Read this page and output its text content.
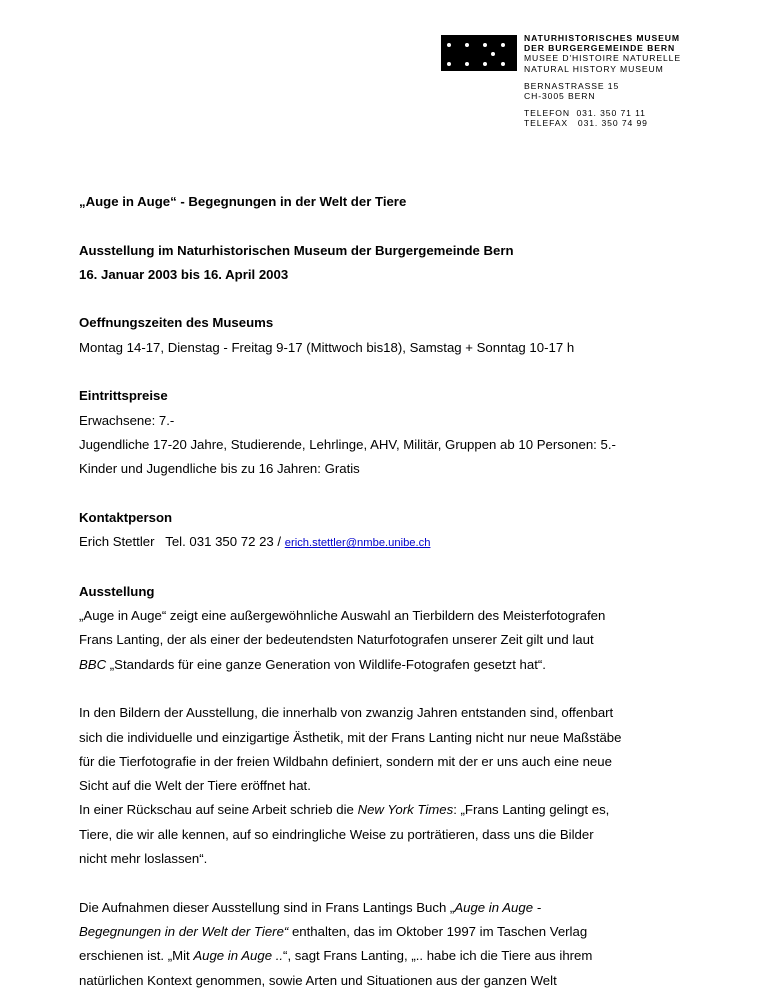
NATURHISTORISCHES MUSEUM
DER BURGERGEMEINDE BERN
MUSEE D'HISTOIRE NATURELLE
NATURAL HISTORY MUSEUM
BERNASTRASSE 15
CH-3005 BERN
TELEFON  031. 350 71 11
TELEFAX   031. 350 74 99

„Auge in Auge“ - Begegnungen in der Welt der Tiere

Ausstellung im Naturhistorischen Museum der Burgergemeinde Bern

16. Januar 2003 bis 16. April 2003

Oeffnungszeiten des Museums

Montag 14-17, Dienstag - Freitag 9-17 (Mittwoch bis18), Samstag + Sonntag 10-17 h

Eintrittspreise

Erwachsene: 7.-

Jugendliche 17-20 Jahre, Studierende, Lehrlinge, AHV, Militär, Gruppen ab 10 Personen: 5.-

Kinder und Jugendliche bis zu 16 Jahren: Gratis

Kontaktperson

Erich Stettler   Tel. 031 350 72 23 / erich.stettler@nmbe.unibe.ch

Ausstellung

„Auge in Auge“ zeigt eine außergewöhnliche Auswahl an Tierbildern des Meisterfotografen

Frans Lanting, der als einer der bedeutendsten Naturfotografen unserer Zeit gilt und laut

BBC „Standards für eine ganze Generation von Wildlife-Fotografen gesetzt hat“.

In den Bildern der Ausstellung, die innerhalb von zwanzig Jahren entstanden sind, offenbart

sich die individuelle und einzigartige Ästhetik, mit der Frans Lanting nicht nur neue Maßstäbe

für die Tierfotografie in der freien Wildbahn definiert, sondern mit der er uns auch eine neue

Sicht auf die Welt der Tiere eröffnet hat.

In einer Rückschau auf seine Arbeit schrieb die New York Times: „Frans Lanting gelingt es,

Tiere, die wir alle kennen, auf so eindringliche Weise zu porträtieren, dass uns die Bilder

nicht mehr loslassen“.

Die Aufnahmen dieser Ausstellung sind in Frans Lantings Buch „Auge in Auge -

Begegnungen in der Welt der Tiere“ enthalten, das im Oktober 1997 im Taschen Verlag

erschienen ist. „Mit Auge in Auge ..“, sagt Frans Lanting, „.. habe ich die Tiere aus ihrem

natürlichen Kontext genommen, sowie Arten und Situationen aus der ganzen Welt
